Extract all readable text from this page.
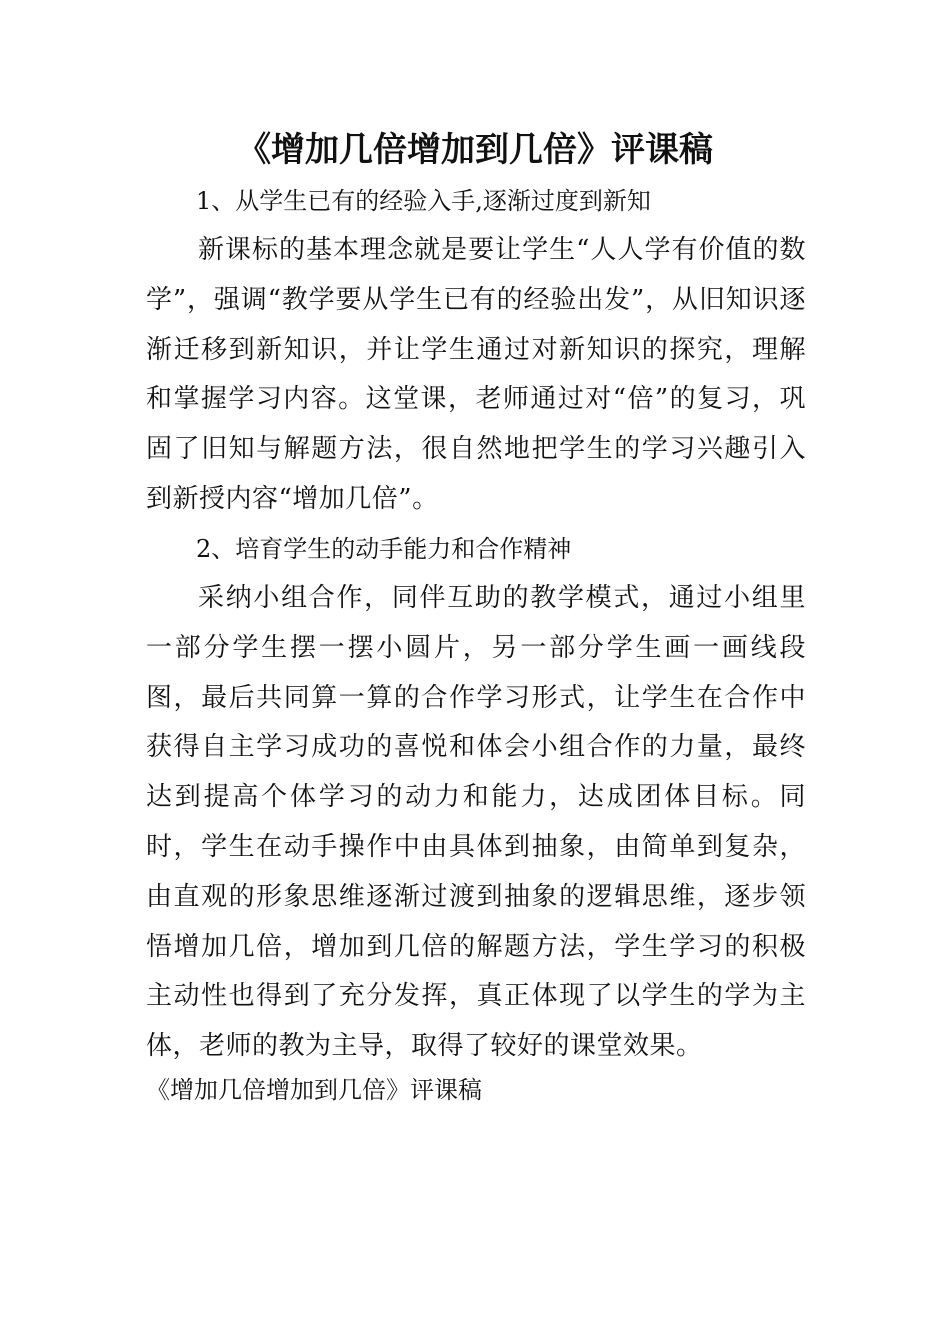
《增加几倍增加到几倍》评课稿

1、从学生已有的经验入手,逐渐过度到新知

新课标的基本理念就是要让学生“人人学有价值的数学”，强调“教学要从学生已有的经验出发”，从旧知识逐渐迁移到新知识，并让学生通过对新知识的探究，理解和掌握学习内容。这堂课，老师通过对“倍”的复习，巩固了旧知与解题方法，很自然地把学生的学习兴趣引入到新授内容“增加几倍”。

2、培育学生的动手能力和合作精神

采纳小组合作，同伴互助的教学模式，通过小组里一部分学生摆一摆小圆片，另一部分学生画一画线段图，最后共同算一算的合作学习形式，让学生在合作中获得自主学习成功的喜悦和体会小组合作的力量，最终达到提高个体学习的动力和能力，达成团体目标。同时，学生在动手操作中由具体到抽象，由简单到复杂，由直观的形象思维逐渐过渡到抽象的逻辑思维，逐步领悟增加几倍，增加到几倍的解题方法，学生学习的积极主动性也得到了充分发挥，真正体现了以学生的学为主体，老师的教为主导，取得了较好的课堂效果。

《增加几倍增加到几倍》评课稿
